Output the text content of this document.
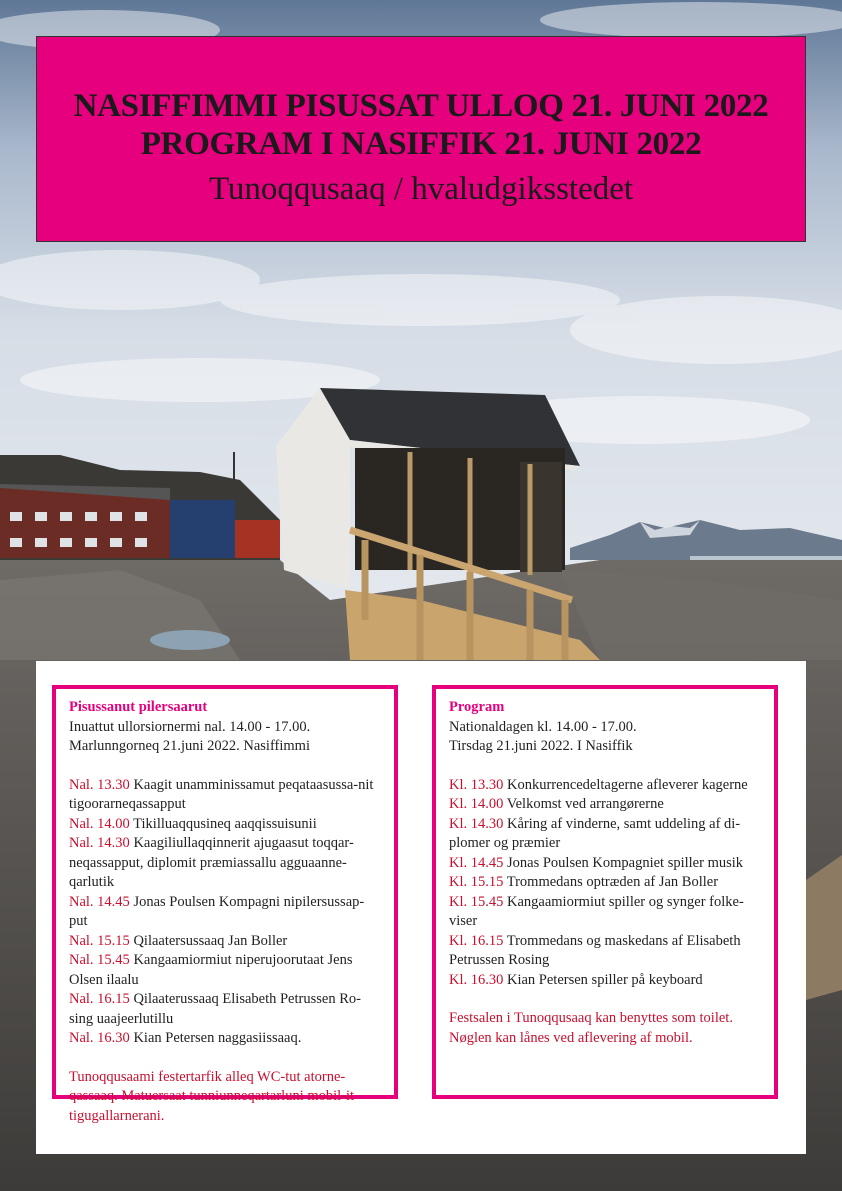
NASIFFIMMI PISUSSAT ULLOQ 21. JUNI 2022
PROGRAM I NASIFFIK 21. JUNI 2022
Tunoqqusaaq / hvaludgiksstedet
Pisussanut pilersaarut
Inuattut ullorsiornermi nal. 14.00 - 17.00.
Marlunngorneq 21.juni 2022. Nasiffimmi
Nal. 13.30 Kaagit unamminissamut peqataasussa-nit tigoorarneqassapput
Nal. 14.00 Tikilluaqqusineq aaqqissuisunii
Nal. 14.30 Kaagiliullaqqinnerit ajugaasut toqqar-neqassapput, diplomit præmiassallu agguaanne-qarlutik
Nal. 14.45 Jonas Poulsen Kompagni nipilersussap-put
Nal. 15.15 Qilaatersussaaq Jan Boller
Nal. 15.45 Kangaamiormiut niperujoorutaat Jens Olsen ilaalu
Nal. 16.15 Qilaaterussaaq Elisabeth Petrussen Ro-sing uaajeerlutillu
Nal. 16.30 Kian Petersen naggasiissaaq.
Tunoqqusaami festertarfik alleq WC-tut atorne-qassaaq. Matuersaat tunniunneqartarluni mobil-it tigugallarnerani.
Program
Nationaldagen kl. 14.00 - 17.00.
Tirsdag 21.juni 2022. I Nasiffik
Kl. 13.30 Konkurrencedeltagerne afleverer kagerne
Kl. 14.00 Velkomst ved arrangørerne
Kl. 14.30 Kåring af vinderne, samt uddeling af di-plomer og præmier
Kl. 14.45 Jonas Poulsen Kompagniet spiller musik
Kl. 15.15 Trommedans optræden af Jan Boller
Kl. 15.45 Kangaamiormiut spiller og synger folke-viser
Kl. 16.15 Trommedans og maskedans af Elisabeth Petrussen Rosing
Kl. 16.30 Kian Petersen spiller på keyboard
Festsalen i Tunoqqusaaq kan benyttes som toilet. Nøglen kan lånes ved aflevering af mobil.
